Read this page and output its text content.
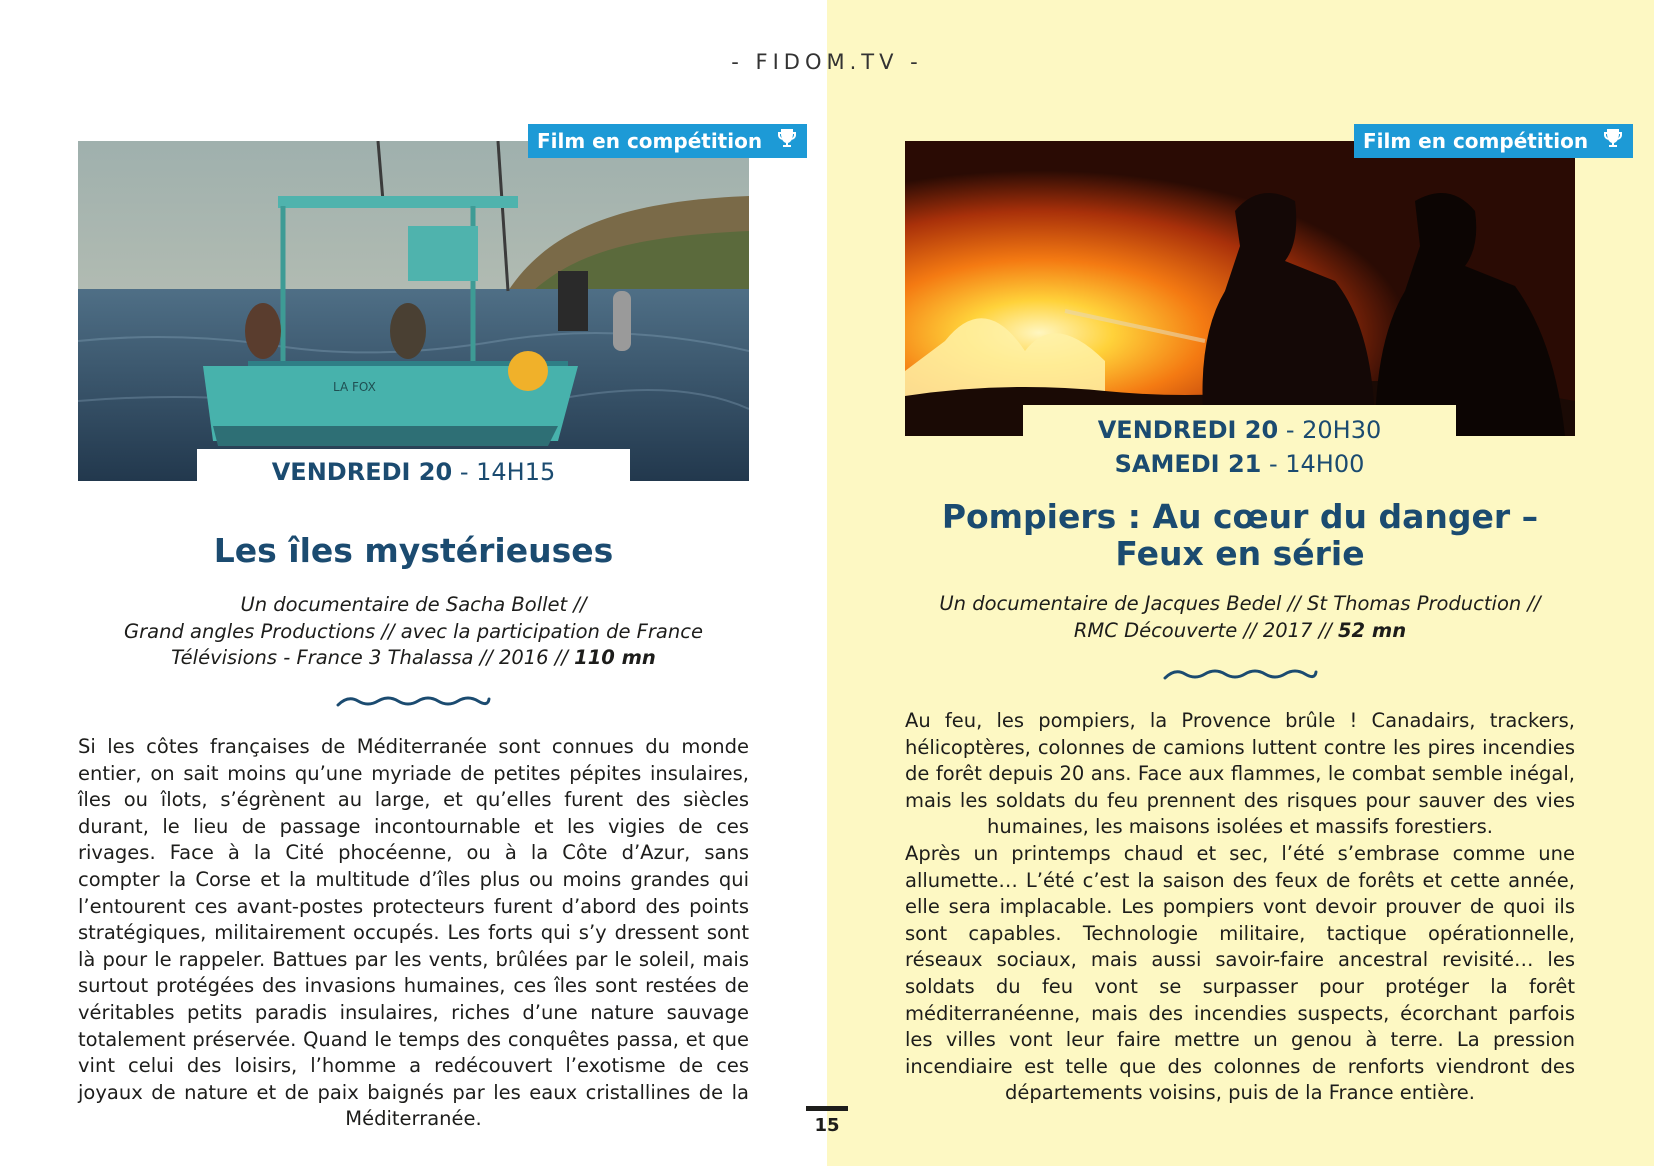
- FIDOM.TV -
LA FOX
Film en compétition
VENDREDI 20 - 14H15
Les îles mystérieuses
Un documentaire de Sacha Bollet //
Grand angles Productions // avec la participation de France
Télévisions - France 3 Thalassa // 2016 // 110 mn
Si les côtes françaises de Méditerranée sont connues du monde entier, on sait moins qu’une myriade de petites pépites insulaires, îles ou îlots, s’égrènent au large, et qu’elles furent des siècles durant, le lieu de passage incontournable et les vigies de ces rivages. Face à la Cité phocéenne, ou à la Côte d’Azur, sans compter la Corse et la multitude d’îles plus ou moins grandes qui l’entourent ces avant-postes protecteurs furent d’abord des points stratégiques, militairement occupés. Les forts qui s’y dressent sont là pour le rappeler. Battues par les vents, brûlées par le soleil, mais surtout protégées des invasions humaines, ces îles sont restées de véritables petits paradis insulaires, riches d’une nature sauvage totalement préservée. Quand le temps des conquêtes passa, et que vint celui des loisirs, l’homme a redécouvert l’exotisme de ces joyaux de nature et de paix baignés par les eaux cristallines de la Méditerranée.
Film en compétition
VENDREDI 20 - 20H30
SAMEDI 21 - 14H00
Pompiers : Au cœur du danger –
Feux en série
Un documentaire de Jacques Bedel // St Thomas Production //
RMC Découverte // 2017 // 52 mn

Au feu, les pompiers, la Provence brûle ! Canadairs, trackers, hélicoptères, colonnes de camions luttent contre les pires incendies de forêt depuis 20 ans. Face aux flammes, le combat semble inégal, mais les soldats du feu prennent des risques pour sauver des vies humaines, les maisons isolées et massifs forestiers.

Après un printemps chaud et sec, l’été s’embrase comme une allumette… L’été c’est la saison des feux de forêts et cette année, elle sera implacable. Les pompiers vont devoir prouver de quoi ils sont capables. Technologie militaire, tactique opérationnelle, réseaux sociaux, mais aussi savoir-faire ancestral revisité… les soldats du feu vont se surpasser pour protéger la forêt méditerranéenne, mais des incendies suspects, écorchant parfois les villes vont leur faire mettre un genou à terre. La pression incendiaire est telle que des colonnes de renforts viendront des départements voisins, puis de la France entière.

15
